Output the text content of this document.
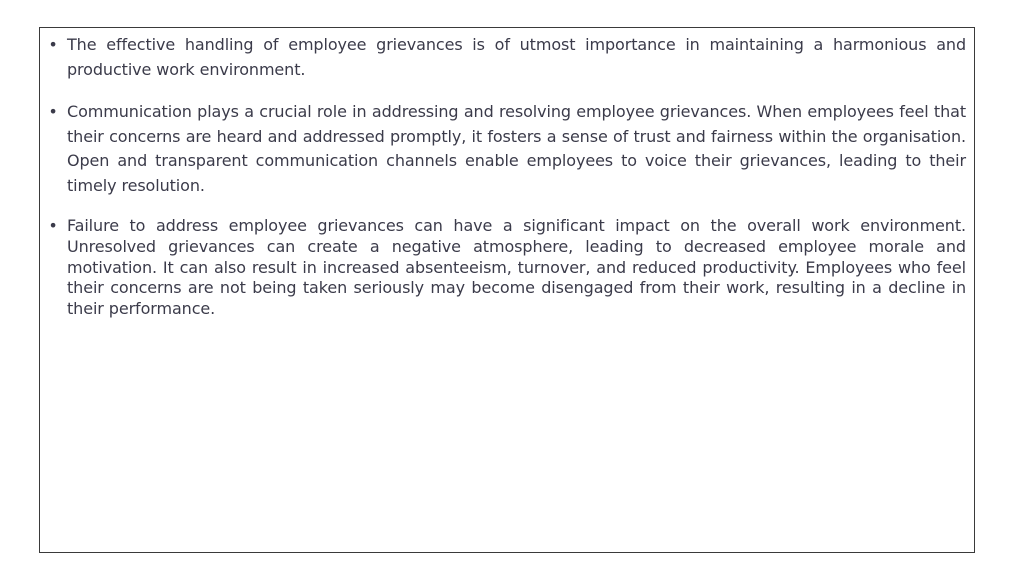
• The effective handling of employee grievances is of utmost importance in maintaining a harmonious and productive work environment.
• Communication plays a crucial role in addressing and resolving employee grievances. When employees feel that their concerns are heard and addressed promptly, it fosters a sense of trust and fairness within the organisation. Open and transparent communication channels enable employees to voice their grievances, leading to their timely resolution.
• Failure to address employee grievances can have a significant impact on the overall work environment. Unresolved grievances can create a negative atmosphere, leading to decreased employee morale and motivation. It can also result in increased absenteeism, turnover, and reduced productivity. Employees who feel their concerns are not being taken seriously may become disengaged from their work, resulting in a decline in their performance.
